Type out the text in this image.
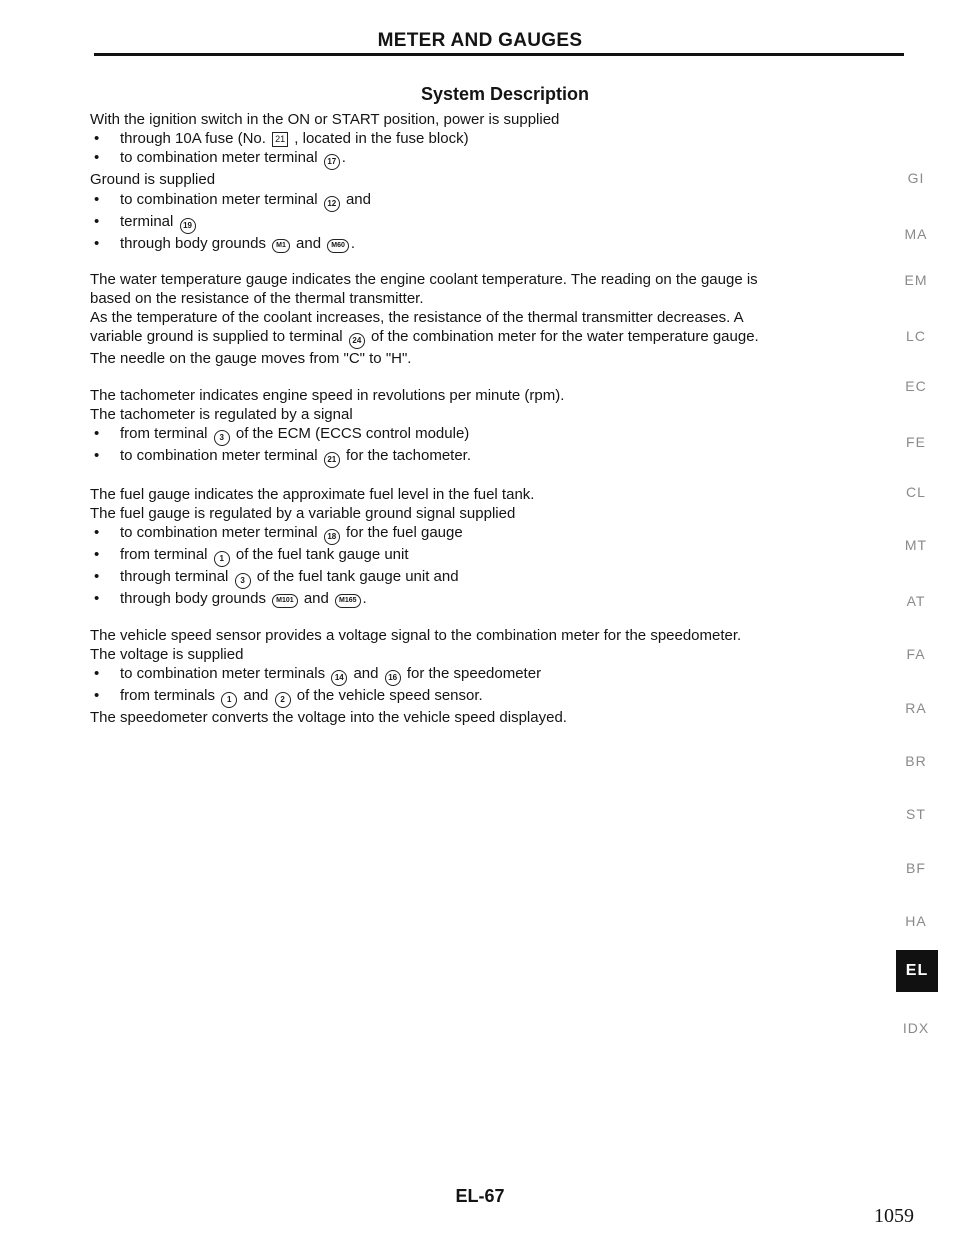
METER AND GAUGES
System Description
With the ignition switch in the ON or START position, power is supplied
• through 10A fuse (No. 21 , located in the fuse block)
• to combination meter terminal 17 .
Ground is supplied
• to combination meter terminal 12 and
• terminal 19
• through body grounds M1 and M60 .
The water temperature gauge indicates the engine coolant temperature. The reading on the gauge is
based on the resistance of the thermal transmitter.
As the temperature of the coolant increases, the resistance of the thermal transmitter decreases. A
variable ground is supplied to terminal 24 of the combination meter for the water temperature gauge.
The needle on the gauge moves from "C" to "H".
The tachometer indicates engine speed in revolutions per minute (rpm).
The tachometer is regulated by a signal
• from terminal 3 of the ECM (ECCS control module)
• to combination meter terminal 21 for the tachometer.
The fuel gauge indicates the approximate fuel level in the fuel tank.
The fuel gauge is regulated by a variable ground signal supplied
• to combination meter terminal 18 for the fuel gauge
• from terminal 1 of the fuel tank gauge unit
• through terminal 3 of the fuel tank gauge unit and
• through body grounds M101 and M165 .
The vehicle speed sensor provides a voltage signal to the combination meter for the speedometer.
The voltage is supplied
• to combination meter terminals 14 and 16 for the speedometer
• from terminals 1 and 2 of the vehicle speed sensor.
The speedometer converts the voltage into the vehicle speed displayed.
GI
MA
EM
LC
EC
FE
CL
MT
AT
FA
RA
BR
ST
BF
HA
EL
IDX
EL-67
1059
